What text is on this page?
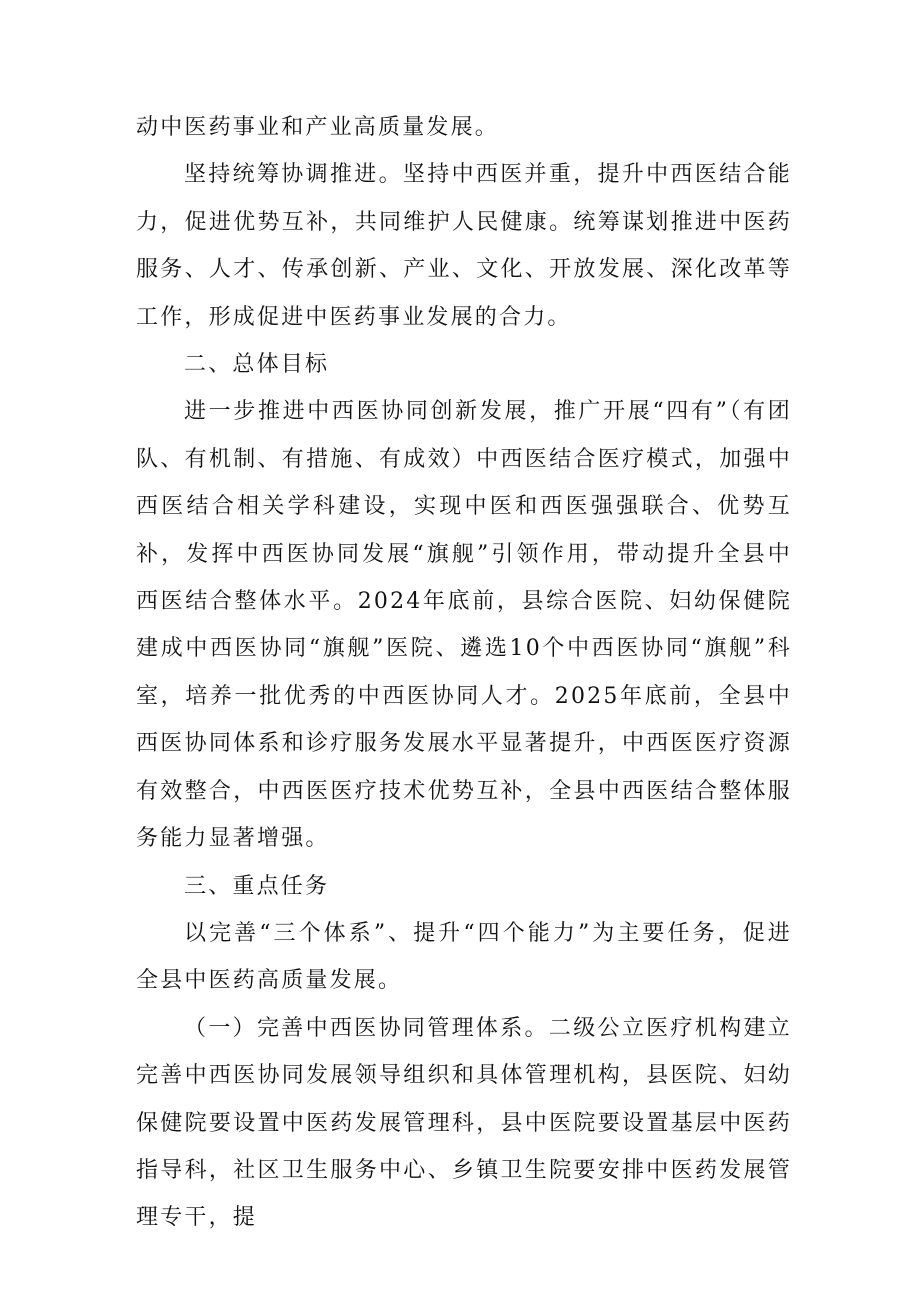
动中医药事业和产业高质量发展。

坚持统筹协调推进。坚持中西医并重，提升中西医结合能力，促进优势互补，共同维护人民健康。统筹谋划推进中医药服务、人才、传承创新、产业、文化、开放发展、深化改革等工作，形成促进中医药事业发展的合力。

二、总体目标

进一步推进中西医协同创新发展，推广开展“四有”（有团队、有机制、有措施、有成效）中西医结合医疗模式，加强中西医结合相关学科建设，实现中医和西医强强联合、优势互补，发挥中西医协同发展“旗舰”引领作用，带动提升全县中西医结合整体水平。2024年底前，县综合医院、妇幼保健院建成中西医协同“旗舰”医院、遴选10个中西医协同“旗舰”科室，培养一批优秀的中西医协同人才。2025年底前，全县中西医协同体系和诊疗服务发展水平显著提升，中西医医疗资源有效整合，中西医医疗技术优势互补，全县中西医结合整体服务能力显著增强。

三、重点任务

以完善“三个体系”、提升“四个能力”为主要任务，促进全县中医药高质量发展。

（一）完善中西医协同管理体系。二级公立医疗机构建立完善中西医协同发展领导组织和具体管理机构，县医院、妇幼保健院要设置中医药发展管理科，县中医院要设置基层中医药指导科，社区卫生服务中心、乡镇卫生院要安排中医药发展管理专干，提
